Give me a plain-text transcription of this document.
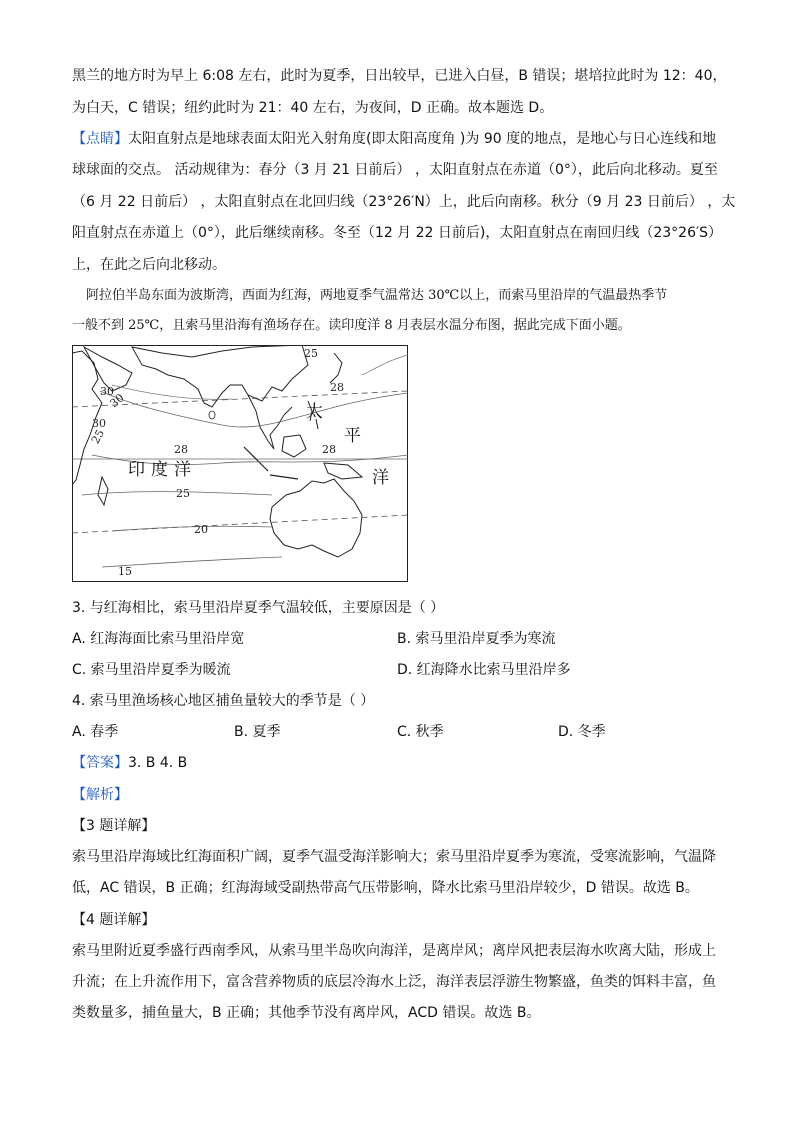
黑兰的地方时为早上 6:08 左右，此时为夏季，日出较早，已进入白昼，B 错误；堪培拉此时为 12：40，
为白天，C 错误；纽约此时为 21：40 左右，为夜间，D 正确。故本题选 D。
【点睛】太阳直射点是地球表面太阳光入射角度(即太阳高度角 )为 90 度的地点，是地心与日心连线和地
球球面的交点。 活动规律为：春分（3 月 21 日前后） ，太阳直射点在赤道（0°），此后向北移动。夏至
（6 月 22 日前后） ，太阳直射点在北回归线（23°26′N）上，此后向南移。秋分（9 月 23 日前后） ，太
阳直射点在赤道上（0°），此后继续南移。冬至（12 月 22 日前后)，太阳直射点在南回归线（23°26′S）
上，在此之后向北移动。
阿拉伯半岛东面为波斯湾，西面为红海，两地夏季气温常达 30℃以上，而索马里沿岸的气温最热季节
一般不到 25℃，且索马里沿海有渔场存在。读印度洋 8 月表层水温分布图，据此完成下面小题。
25
28
30
30
30
25
28	28
25
20
15
印度洋
太
平
洋
3. 与红海相比，索马里沿岸夏季气温较低，主要原因是（ ）
A. 红海海面比索马里沿岸宽	B. 索马里沿岸夏季为寒流
C. 索马里沿岸夏季为暖流	D. 红海降水比索马里沿岸多
4. 索马里渔场核心地区捕鱼量较大的季节是（ ）
A. 春季	B. 夏季	C. 秋季	D. 冬季
【答案】3. B 4. B
【解析】
【3 题详解】
索马里沿岸海域比红海面积广阔，夏季气温受海洋影响大；索马里沿岸夏季为寒流，受寒流影响，气温降
低，AC 错误，B 正确；红海海域受副热带高气压带影响，降水比索马里沿岸较少，D 错误。故选 B。
【4 题详解】
索马里附近夏季盛行西南季风，从索马里半岛吹向海洋，是离岸风；离岸风把表层海水吹离大陆，形成上
升流；在上升流作用下，富含营养物质的底层冷海水上泛，海洋表层浮游生物繁盛，鱼类的饵料丰富，鱼
类数量多，捕鱼量大，B 正确；其他季节没有离岸风，ACD 错误。故选 B。
